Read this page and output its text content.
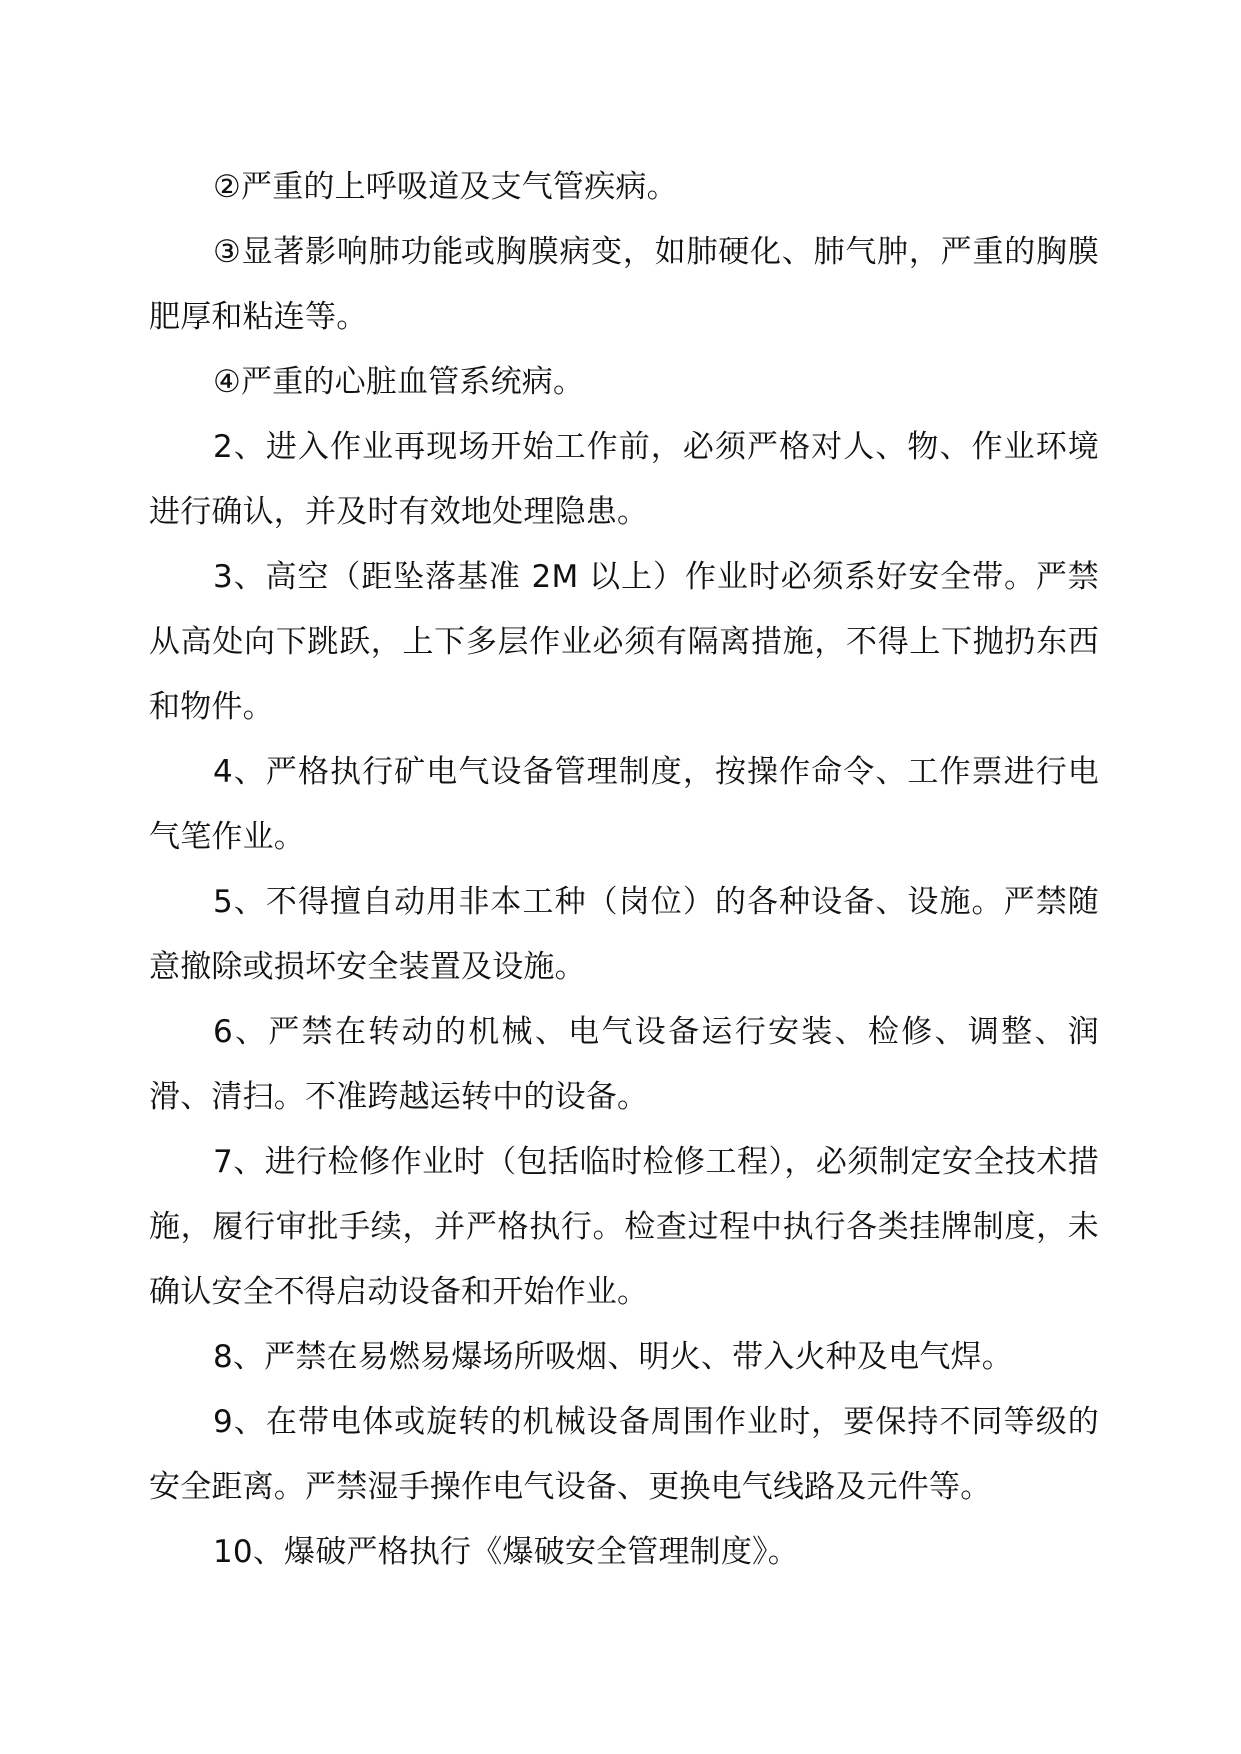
②严重的上呼吸道及支气管疾病。

③显著影响肺功能或胸膜病变，如肺硬化、肺气肿，严重的胸膜肥厚和粘连等。

④严重的心脏血管系统病。

2、进入作业再现场开始工作前，必须严格对人、物、作业环境进行确认，并及时有效地处理隐患。

3、高空（距坠落基准 2M 以上）作业时必须系好安全带。严禁从高处向下跳跃，上下多层作业必须有隔离措施，不得上下抛扔东西和物件。

4、严格执行矿电气设备管理制度，按操作命令、工作票进行电气笔作业。

5、不得擅自动用非本工种（岗位）的各种设备、设施。严禁随意撤除或损坏安全装置及设施。

6、严禁在转动的机械、电气设备运行安装、检修、调整、润滑、清扫。不准跨越运转中的设备。

7、进行检修作业时（包括临时检修工程），必须制定安全技术措施，履行审批手续，并严格执行。检查过程中执行各类挂牌制度，未确认安全不得启动设备和开始作业。

8、严禁在易燃易爆场所吸烟、明火、带入火种及电气焊。

9、在带电体或旋转的机械设备周围作业时，要保持不同等级的安全距离。严禁湿手操作电气设备、更换电气线路及元件等。

10、爆破严格执行《爆破安全管理制度》。
